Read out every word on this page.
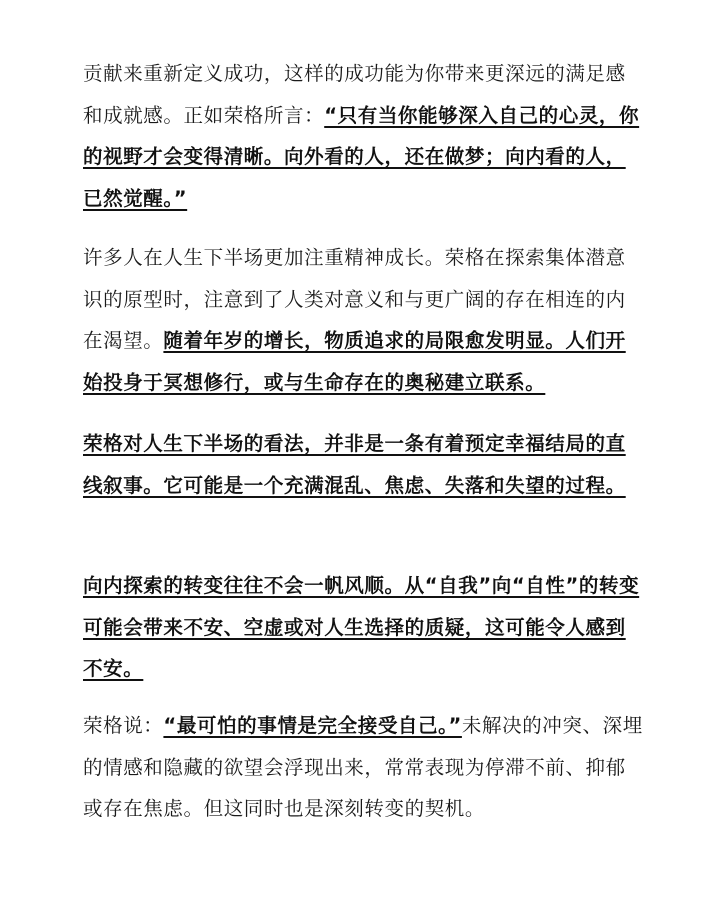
贡献来重新定义成功，这样的成功能为你带来更深远的满足感和成就感。正如荣格所言：“只有当你能够深入自己的心灵，你的视野才会变得清晰。向外看的人，还在做梦；向内看的人，已然觉醒。”

许多人在人生下半场更加注重精神成长。荣格在探索集体潜意识的原型时，注意到了人类对意义和与更广阔的存在相连的内在渴望。随着年岁的增长，物质追求的局限愈发明显。人们开始投身于冥想修行，或与生命存在的奥秘建立联系。

荣格对人生下半场的看法，并非是一条有着预定幸福结局的直线叙事。它可能是一个充满混乱、焦虑、失落和失望的过程。

向内探索的转变往往不会一帆风顺。从“自我”向“自性”的转变可能会带来不安、空虚或对人生选择的质疑，这可能令人感到不安。

荣格说：“最可怕的事情是完全接受自己。”未解决的冲突、深埋的情感和隐藏的欲望会浮现出来，常常表现为停滞不前、抑郁或存在焦虑。但这同时也是深刻转变的契机。
